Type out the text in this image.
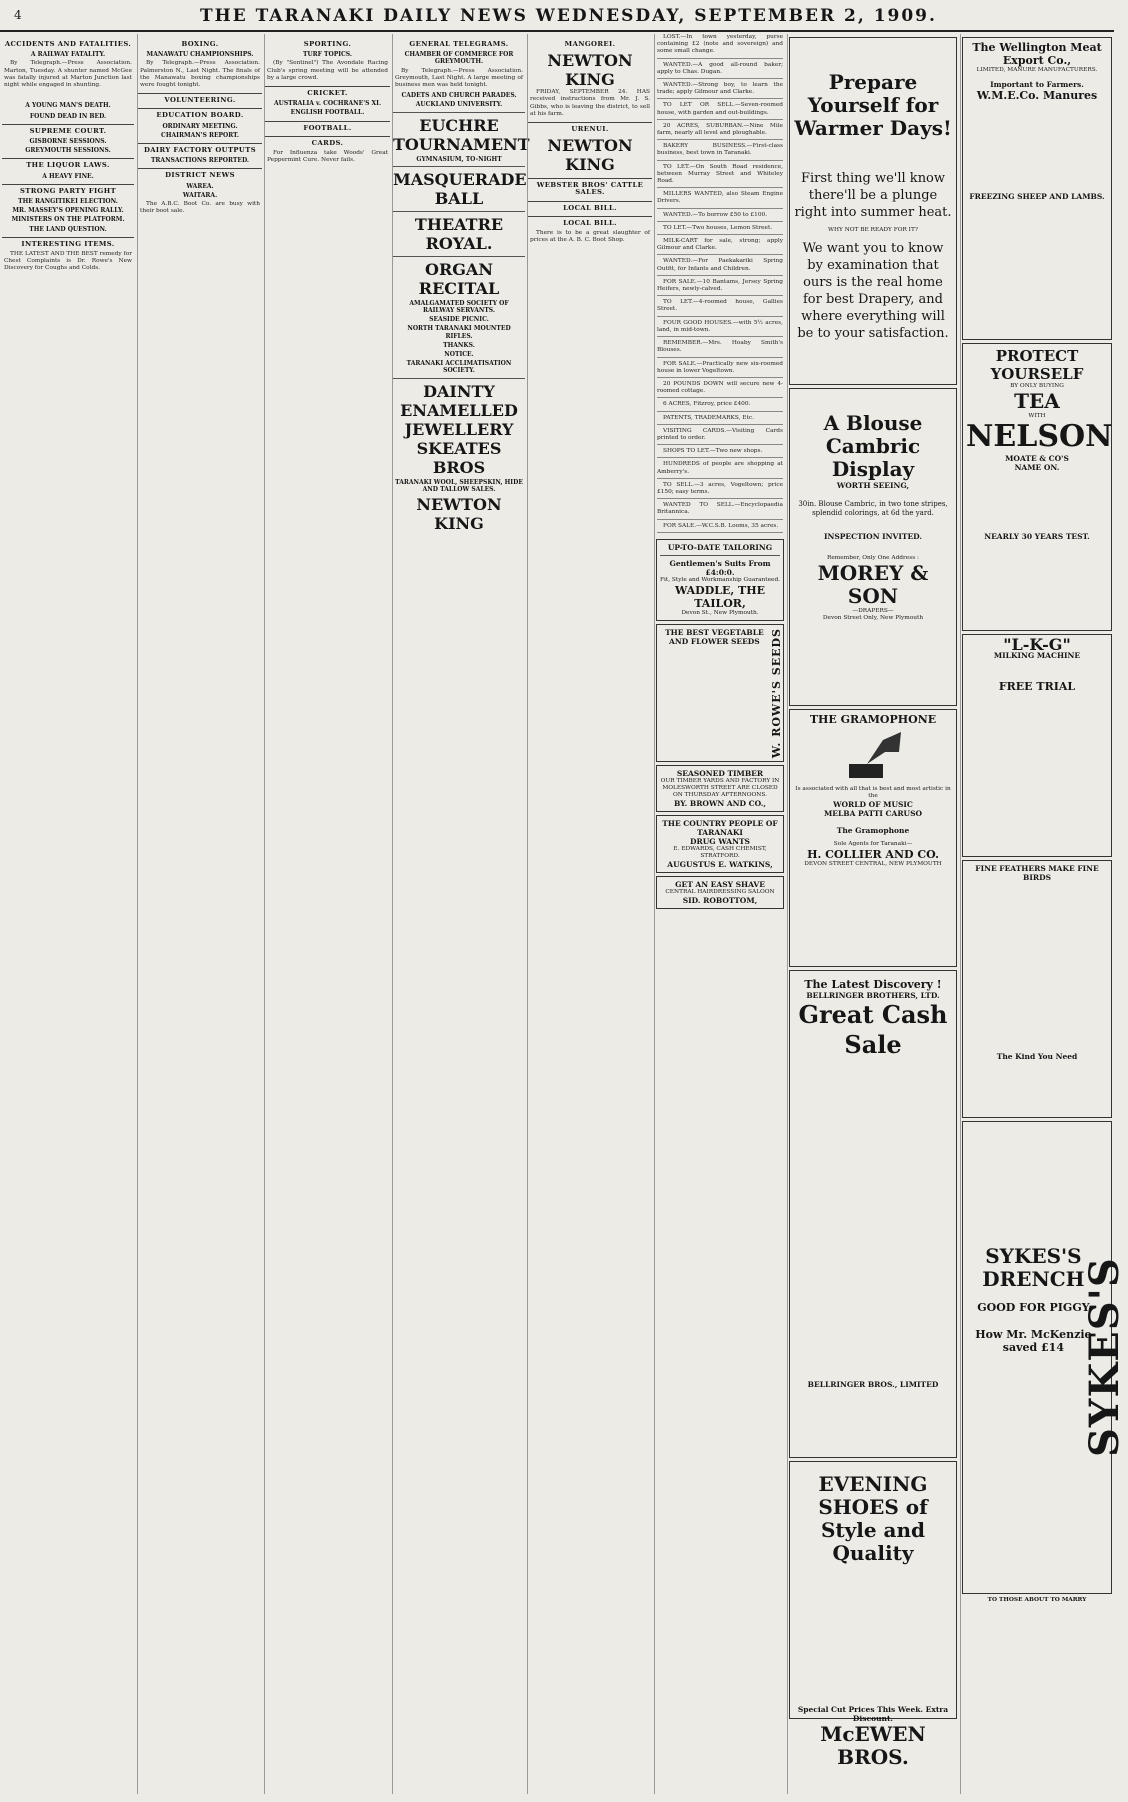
4	THE TARANAKI DAILY NEWS WEDNESDAY, SEPTEMBER 2, 1909.
ACCIDENTS AND FATALITIES.
A RAILWAY FATALITY.
By Telegraph.—Press Association. Marton, Tuesday. A shunter named McGee was fatally injured at Marton Junction last night while engaged in shunting.

A YOUNG MAN'S DEATH.
FOUND DEAD IN BED.
SUPREME COURT.
GISBORNE SESSIONS.
GREYMOUTH SESSIONS.
THE LIQUOR LAWS.
A HEAVY FINE.
STRONG PARTY FIGHT
THE RANGITIKEI ELECTION.
MR. MASSEY'S OPENING RALLY.
MINISTERS ON THE PLATFORM.
THE LAND QUESTION.
INTERESTING ITEMS.
THE LATEST AND THE BEST remedy for Chest Complaints is Dr. Rowe's New Discovery for Coughs and Colds.
BOXING.
MANAWATU CHAMPIONSHIPS.
By Telegraph.—Press Association. Palmerston N., Last Night. The finals of the Manawatu boxing championships were fought tonight.
VOLUNTEERING.
EDUCATION BOARD.
ORDINARY MEETING.
CHAIRMAN'S REPORT.
DAIRY FACTORY OUTPUTS
TRANSACTIONS REPORTED.
DISTRICT NEWS
WAREA.
WAITARA.
The A.B.C. Boot Co. are busy with their boot sale.
SPORTING.
TURF TOPICS.
(By "Sentinel") The Avondale Racing Club's spring meeting will be attended by a large crowd.
CRICKET.
AUSTRALIA v. COCHRANE'S XI.
ENGLISH FOOTBALL.
FOOTBALL.
CARDS.
For Influenza take Woods' Great Peppermint Cure. Never fails.
GENERAL TELEGRAMS.
CHAMBER OF COMMERCE FOR GREYMOUTH.
By Telegraph.—Press Association. Greymouth, Last Night. A large meeting of business men was held tonight.
CADETS AND CHURCH PARADES.
AUCKLAND UNIVERSITY.
EUCHRE TOURNAMENT
GYMNASIUM, TO-NIGHT
MASQUERADE BALL
THEATRE ROYAL.
ORGAN RECITAL
AMALGAMATED SOCIETY OF RAILWAY SERVANTS.
SEASIDE PICNIC.
NORTH TARANAKI MOUNTED RIFLES.
THANKS.
NOTICE.
TARANAKI ACCLIMATISATION SOCIETY.
DAINTY ENAMELLED JEWELLERY
SKEATES BROS
TARANAKI WOOL, SHEEPSKIN, HIDE AND TALLOW SALES.
NEWTON KING
MANGOREI.
NEWTON KING
FRIDAY, SEPTEMBER 24. HAS received instructions from Mr. J. S. Gibbs, who is leaving the district, to sell at his farm.
URENUI.
NEWTON KING
WEBSTER BROS' CATTLE SALES.
LOCAL BILL.
LOCAL BILL.
There is to be a great slaughter of prices at the A. B. C. Boot Shop.
LOST.—In town yesterday, purse containing £2 (note and sovereign) and some small change.
WANTED.—A good all-round baker; apply to Chas. Dugan.
WANTED.—Strong boy, to learn the trade; apply Gilmour and Clarke.
TO LET OR SELL.—Seven-roomed house, with garden and out-buildings.
20 ACRES, SUBURBAN.—Nine Mile farm, nearly all level and ploughable.
BAKERY BUSINESS.—First-class business, best town in Taranaki.
TO LET.—On South Road residence, between Murray Street and Whiteley Road.
MILLERS WANTED, also Steam Engine Drivers.
WANTED.—To borrow £50 to £100.
TO LET.—Two houses, Lemon Street.
MILK-CART for sale, strong; apply Gilmour and Clarke.
WANTED.—For Paekakariki Spring Outfit, for Infants and Children.
FOR SALE.—10 Bantams, Jersey Spring Heifers, newly-calved.
TO LET.—4-roomed house, Gallies Street.
FOUR GOOD HOUSES.—with 5½ acres, land, in mid-town.
REMEMBER.—Mrs. Hoaby Smith's Blouses.
FOR SALE.—Practically new six-roomed house in lower Vogeltown.
20 POUNDS DOWN will secure new 4-roomed cottage.
6 ACRES, Fitzroy, price £400.
PATENTS, TRADEMARKS, Etc.
VISITING CARDS.—Visiting Cards printed to order.
SHOPS TO LET.—Two new shops.
HUNDREDS of people are shopping at Amberry's.
TO SELL.—3 acres, Vogeltown; price £150; easy terms.
WANTED TO SELL.—Encyclopaedia Britannica.
FOR SALE.—W.C.S.B. Looms, 35 acres.
UP-TO-DATE TAILORING
Gentlemen's Suits From £4:0:0.
Fit, Style and Workmanship Guaranteed.
WADDLE, THE TAILOR,
Devon St., New Plymouth.
THE BEST VEGETABLE AND FLOWER SEEDS W. ROWE'S SEEDS
SEASONED TIMBER
OUR TIMBER YARDS AND FACTORY IN MOLESWORTH STREET ARE CLOSED ON THURSDAY AFTERNOONS.
BY. BROWN AND CO.,
THE COUNTRY PEOPLE OF TARANAKI
DRUG WANTS
E. EDWARDS, CASH CHEMIST, STRATFORD.
AUGUSTUS E. WATKINS,
GET AN EASY SHAVE
CENTRAL HAIRDRESSING SALOON
SID. ROBOTTOM,
Prepare Yourself for Warmer Days!
First thing we'll know there'll be a plunge right into summer heat.
WHY NOT BE READY FOR IT?
We want you to know by examination that ours is the real home for best Drapery, and where everything will be to your satisfaction.
A Blouse Cambric Display
WORTH SEEING,
30in. Blouse Cambric, in two tone stripes, splendid colorings, at 6d the yard.
INSPECTION INVITED.
Remember, Only One Address :
MOREY & SON
—DRAPERS—
Devon Street Only, New Plymouth
THE GRAMOPHONE
Is associated with all that is best and most artistic in the
WORLD OF MUSIC
MELBA PATTI CARUSO
The Gramophone
Sole Agents for Taranaki—
H. COLLIER AND CO.
DEVON STREET CENTRAL, NEW PLYMOUTH
The Latest Discovery !
BELLRINGER BROTHERS, LTD.
Great Cash Sale
BELLRINGER BROS., LIMITED
EVENING SHOES of Style and Quality
Special Cut Prices This Week. Extra Discount.
McEWEN BROS.
The Wellington Meat Export Co.,
LIMITED, MANURE MANUFACTURERS.
Important to Farmers.
W.M.E.Co. Manures
FREEZING SHEEP AND LAMBS.
PROTECT YOURSELF
BY ONLY BUYING
TEA
WITH
NELSON
MOATE & CO'S
NAME ON.
NEARLY 30 YEARS TEST.
"L-K-G"
MILKING MACHINE
FREE TRIAL
FINE FEATHERS MAKE FINE BIRDS
The Kind You Need
SYKES'S DRENCH
GOOD FOR PIGGY
How Mr. McKenzie saved £14 SYKES'S
TO THOSE ABOUT TO MARRY
